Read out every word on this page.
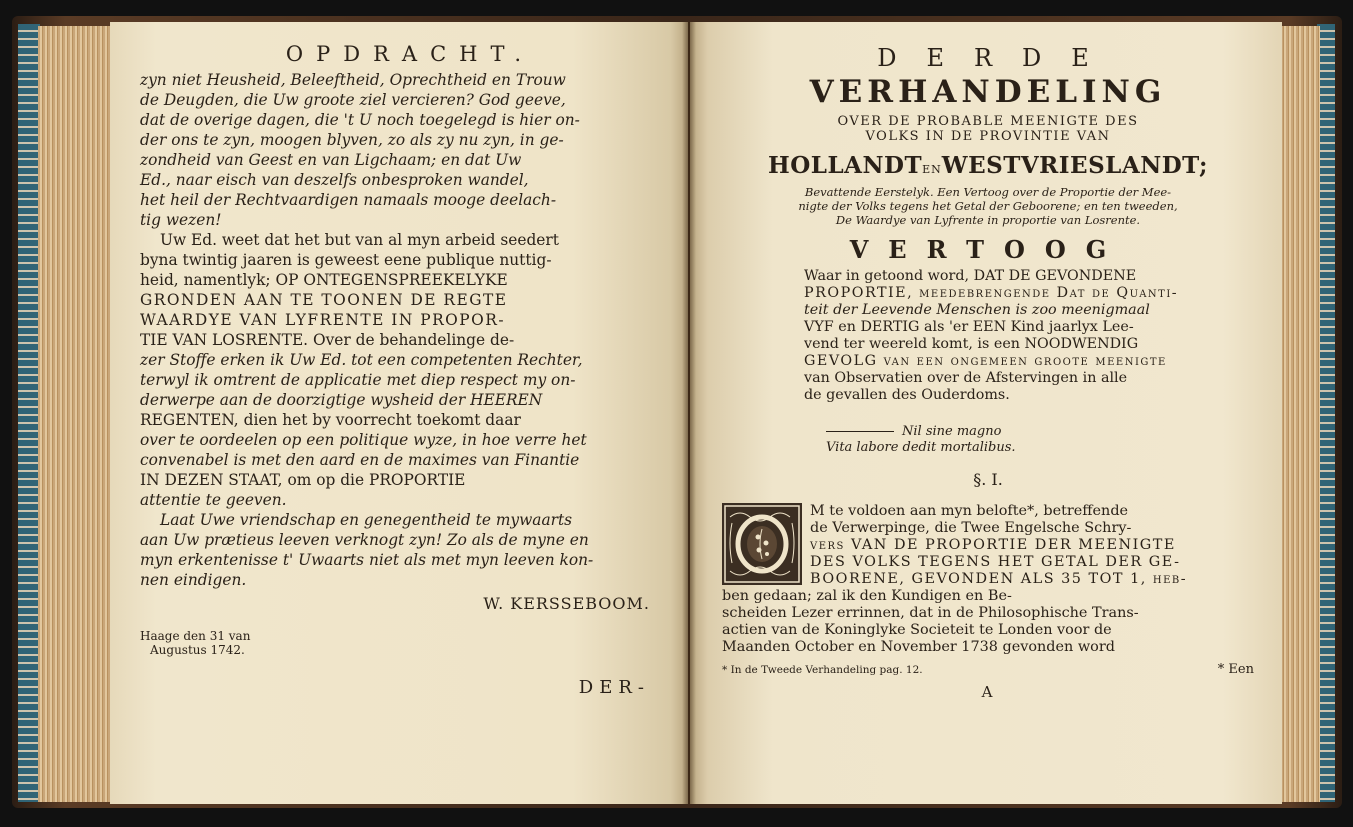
OPDRACHT.
zyn niet Heusheid, Beleeftheid, Oprechtheid en Trouw
de Deugden, die Uw groote ziel vercieren? God geeve,
dat de overige dagen, die 't U noch toegelegd is hier on-
der ons te zyn, moogen blyven, zo als zy nu zyn, in ge-
zondheid van Geest en van Ligchaam; en dat Uw
Ed., naar eisch van deszelfs onbesproken wandel,
het heil der Rechtvaardigen namaals mooge deelach-
tig wezen!
Uw Ed. weet dat het but van al myn arbeid seedert
byna twintig jaaren is geweest eene publique nuttig-
heid, namentlyk; OP ONTEGENSPREEKELYKE
GRONDEN AAN TE TOONEN DE REGTE
WAARDYE VAN LYFRENTE IN PROPOR-
TIE VAN LOSRENTE. Over de behandelinge de-
zer Stoffe erken ik Uw Ed. tot een competenten Rechter,
terwyl ik omtrent de applicatie met diep respect my on-
derwerpe aan de doorzigtige wysheid der HEEREN
REGENTEN, dien het by voorrecht toekomt daar
over te oordeelen op een politique wyze, in hoe verre het
convenabel is met den aard en de maximes van Finantie
IN DEZEN STAAT, om op die PROPORTIE
attentie te geeven.
Laat Uwe vriendschap en genegentheid te mywaarts
aan Uw prætieus leeven verknogt zyn! Zo als de myne en
myn erkentenisse t' Uwaarts niet als met myn leeven kon-
nen eindigen.
W. KERSSEBOOM.
Haage den 31 van
Augustus 1742.
DER-
DERDE
VERHANDELING
OVER DE PROBABLE MEENIGTE DES
VOLKS IN DE PROVINTIE VAN
HOLLANDTENWESTVRIESLANDT;
Bevattende Eerstelyk. Een Vertoog over de Proportie der Mee-
nigte der Volks tegens het Getal der Geboorene; en ten tweeden,
De Waardye van Lyfrente in proportie van Losrente.
VERTOOG
Waar in getoond word, DAT DE GEVONDENE
PROPORTIE, meedebrengende Dat de Quanti-
teit der Leevende Menschen is zoo meenigmaal
VYF en DERTIG als 'er EEN Kind jaarlyx Lee-
vend ter weereld komt, is een NOODWENDIG
GEVOLG van een ongemeen groote meenigte
van Observatien over de Afstervingen in alle
de gevallen des Ouderdoms.
Nil sine magno
Vita labore dedit mortalibus.
§. I.
M te voldoen aan myn belofte*, betreffende
de Verwerpinge, die Twee Engelsche Schry-
vers VAN DE PROPORTIE DER MEENIGTE
DES VOLKS TEGENS HET GETAL DER GE-
BOORENE, GEVONDEN ALS 35 TOT 1, heb-
ben gedaan; zal ik den Kundigen en Be-
scheiden Lezer errinnen, dat in de Philosophische Trans-
actien van de Koninglyke Societeit te Londen voor de
Maanden October en November 1738 gevonden word
* In de Tweede Verhandeling pag. 12.	* Een
A
